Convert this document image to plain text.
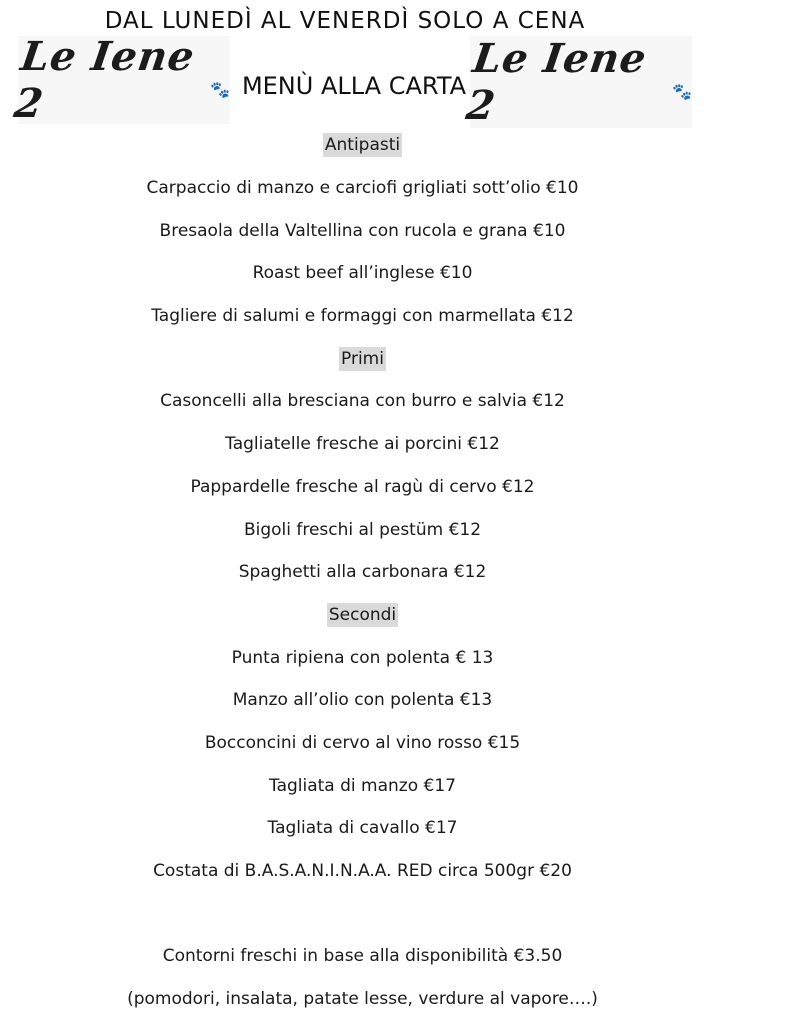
DAL LUNEDÌ AL VENERDÌ SOLO A CENA
Le Iene 2	🐾 MENÙ ALLA CARTA
Le Iene 2	🐾
Antipasti
Carpaccio di manzo e carciofi grigliati sott’olio €10
Bresaola della Valtellina con rucola e grana €10
Roast beef all’inglese €10
Tagliere di salumi e formaggi con marmellata €12
Primi
Casoncelli alla bresciana con burro e salvia €12
Tagliatelle fresche ai porcini €12
Pappardelle fresche al ragù di cervo €12
Bigoli freschi al pestüm €12
Spaghetti alla carbonara €12
Secondi
Punta ripiena con polenta € 13
Manzo all’olio con polenta €13
Bocconcini di cervo al vino rosso €15
Tagliata di manzo €17
Tagliata di cavallo €17
Costata di B.A.S.A.N.I.N.A.A. RED circa 500gr €20
Contorni freschi in base alla disponibilità €3.50
(pomodori, insalata, patate lesse, verdure al vapore….)
